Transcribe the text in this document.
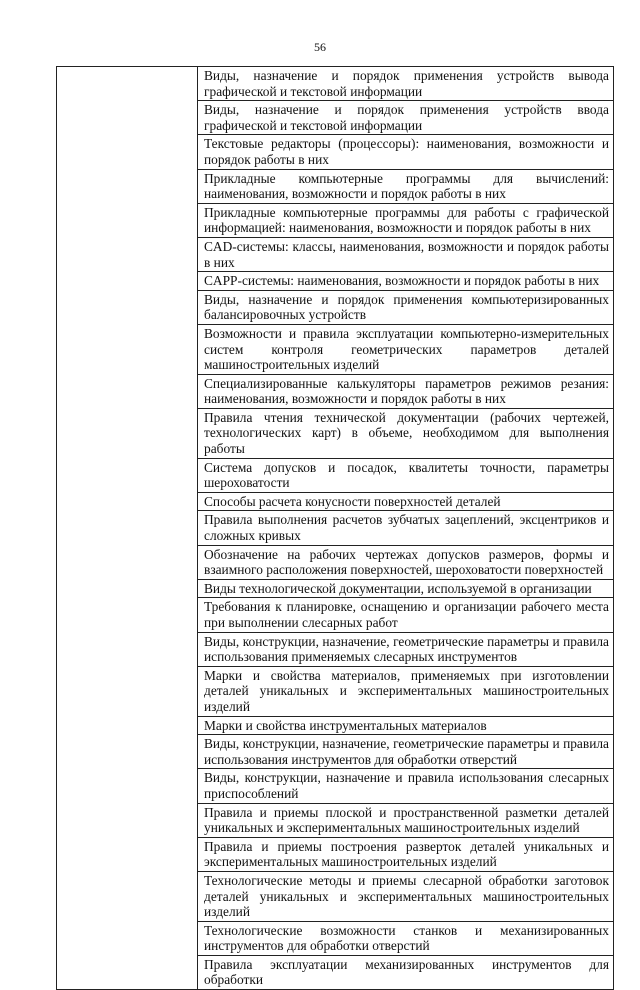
56

Виды, назначение и порядок применения устройств вывода графической и текстовой информации
Виды, назначение и порядок применения устройств ввода графической и текстовой информации
Текстовые редакторы (процессоры): наименования, возможности и порядок работы в них
Прикладные компьютерные программы для вычислений: наименования, возможности и порядок работы в них
Прикладные компьютерные программы для работы с графической информацией: наименования, возможности и порядок работы в них
CAD-системы: классы, наименования, возможности и порядок работы в них
CAPP-системы: наименования, возможности и порядок работы в них
Виды, назначение и порядок применения компьютеризированных балансировочных устройств
Возможности и правила эксплуатации компьютерно-измерительных систем контроля геометрических параметров деталей машиностроительных изделий
Специализированные калькуляторы параметров режимов резания: наименования, возможности и порядок работы в них
Правила чтения технической документации (рабочих чертежей, технологических карт) в объеме, необходимом для выполнения работы
Система допусков и посадок, квалитеты точности, параметры шероховатости
Способы расчета конусности поверхностей деталей
Правила выполнения расчетов зубчатых зацеплений, эксцентриков и сложных кривых
Обозначение на рабочих чертежах допусков размеров, формы и взаимного расположения поверхностей, шероховатости поверхностей
Виды технологической документации, используемой в организации
Требования к планировке, оснащению и организации рабочего места при выполнении слесарных работ
Виды, конструкции, назначение, геометрические параметры и правила использования применяемых слесарных инструментов
Марки и свойства материалов, применяемых при изготовлении деталей уникальных и экспериментальных машиностроительных изделий
Марки и свойства инструментальных материалов
Виды, конструкции, назначение, геометрические параметры и правила использования инструментов для обработки отверстий
Виды, конструкции, назначение и правила использования слесарных приспособлений
Правила и приемы плоской и пространственной разметки деталей уникальных и экспериментальных машиностроительных изделий
Правила и приемы построения разверток деталей уникальных и экспериментальных машиностроительных изделий
Технологические методы и приемы слесарной обработки заготовок деталей уникальных и экспериментальных машиностроительных изделий
Технологические возможности станков и механизированных инструментов для обработки отверстий
Правила эксплуатации механизированных инструментов для обработки
